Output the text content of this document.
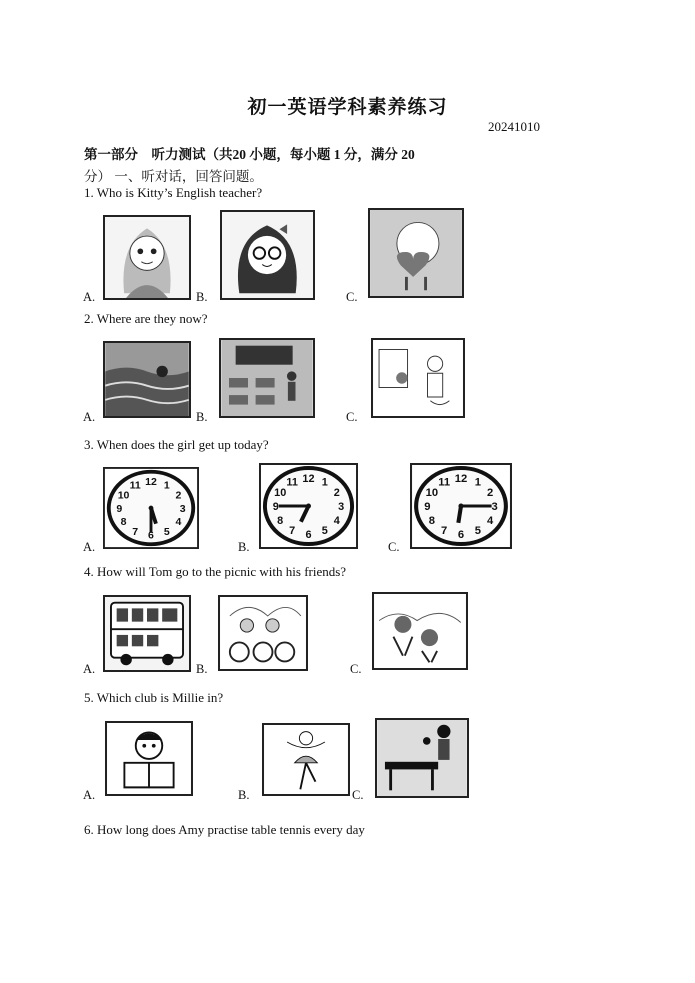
初一英语学科素养练习
20241010
第一部分 听力测试（共20 小题，每小题 1 分，满分 20
分） 一、听对话，回答问题。
1. Who is Kitty’s English teacher?
A.	B.	C.
2. Where are they now?
A.	B.	C.
3. When does the girl get up today?
12 1
2
3
4
5
6
7
8
9
10
11
A.
12 1
2
3
4
5
6
7
8
9
10
11
B.
12 1
2
3
4
5
6
7
8
9
10
11
C.
4. How will Tom go to the picnic with his friends?
A.	B.	C.
5. Which club is Millie in?
A.	B.	C.
6. How long does Amy practise table tennis every day
